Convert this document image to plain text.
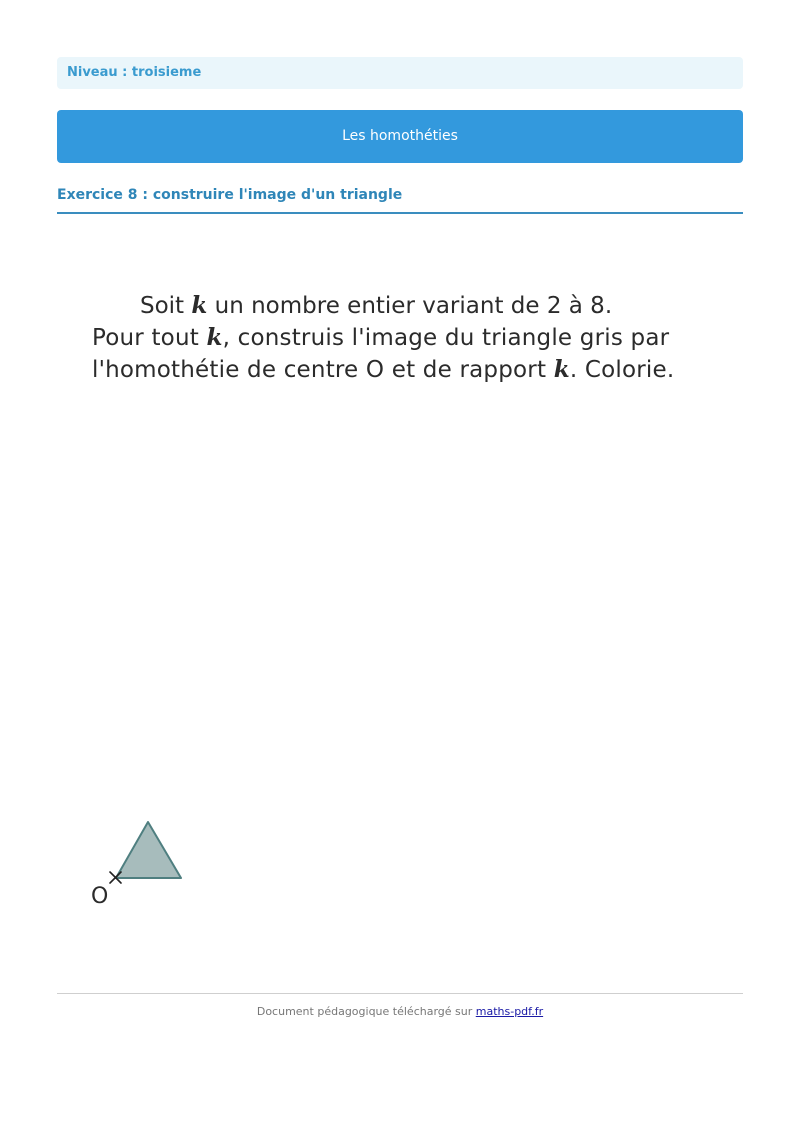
Niveau : troisieme
Les homothéties
Exercice 8 : construire l'image d'un triangle
Soit k un nombre entier variant de 2 à 8.
Pour tout k, construis l'image du triangle gris par
l'homothétie de centre O et de rapport k. Colorie.
O
Document pédagogique téléchargé sur maths-pdf.fr
